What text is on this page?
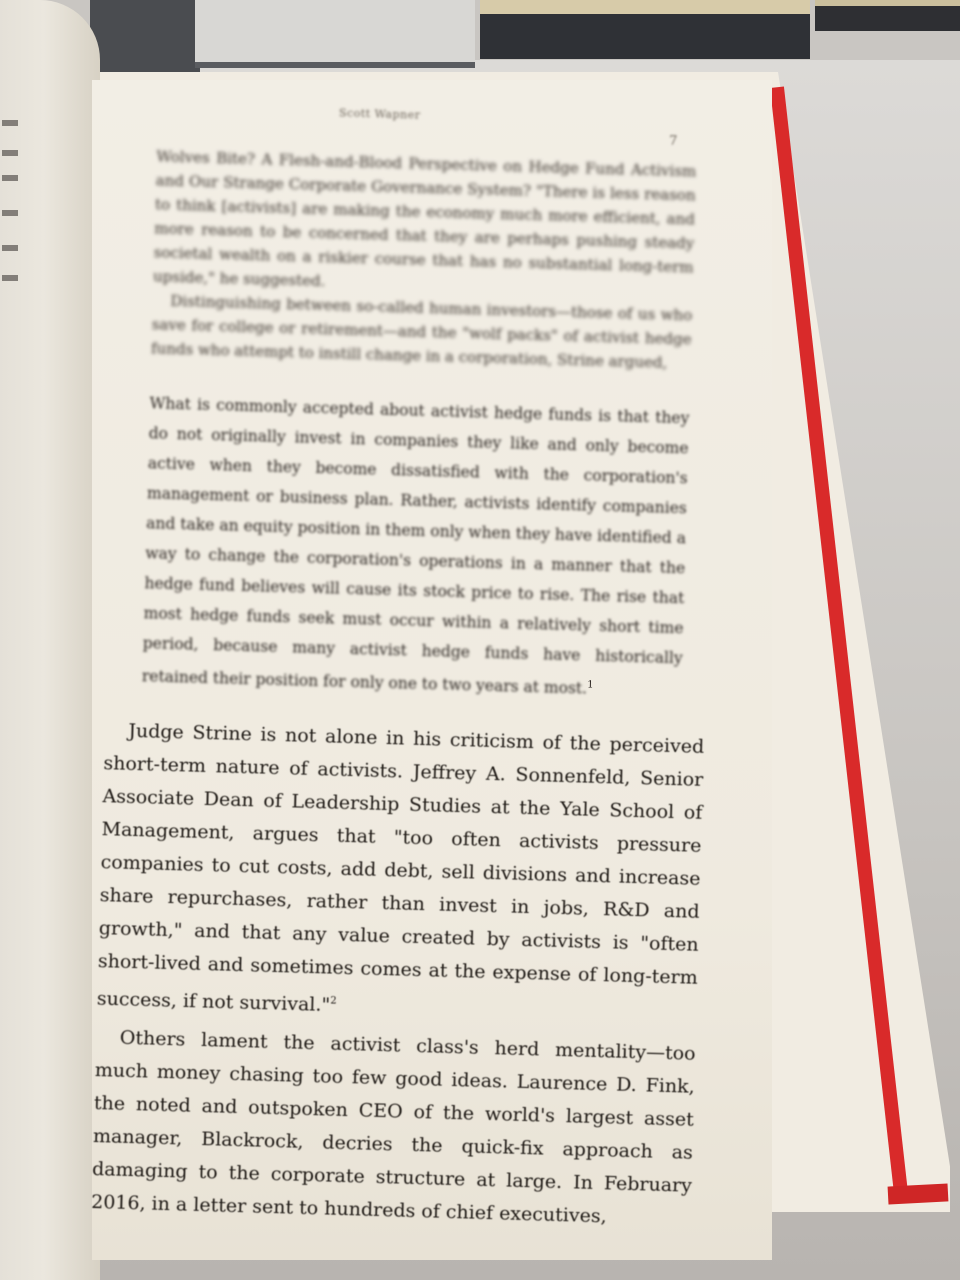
Scott Wapner
7

Wolves Bite? A Flesh-and-Blood Perspective on Hedge Fund Activism and Our Strange Corporate Governance System? "There is less reason to think [activists] are making the economy much more efficient, and more reason to be concerned that they are perhaps pushing steady societal wealth on a riskier course that has no substantial long-term upside," he suggested.

Distinguishing between so-called human investors—those of us who save for college or retirement—and the "wolf packs" of activist hedge funds who attempt to instill change in a corporation, Strine argued,

What is commonly accepted about activist hedge funds is that they do not originally invest in companies they like and only become active when they become dissatisfied with the corporation's management or business plan. Rather, activists identify companies and take an equity position in them only when they have identified a way to change the corporation's operations in a manner that the hedge fund believes will cause its stock price to rise. The rise that most hedge funds seek must occur within a relatively short time period, because many activist hedge funds have historically retained their position for only one to two years at most.$^1$

Judge Strine is not alone in his criticism of the perceived short-term nature of activists. Jeffrey A. Sonnenfeld, Senior Associate Dean of Leadership Studies at the Yale School of Management, argues that "too often activists pressure companies to cut costs, add debt, sell divisions and increase share repurchases, rather than invest in jobs, R&D and growth," and that any value created by activists is "often short-lived and sometimes comes at the expense of long-term success, if not survival."$^2$

Others lament the activist class's herd mentality—too much money chasing too few good ideas. Laurence D. Fink, the noted and outspoken CEO of the world's largest asset manager, Blackrock, decries the quick-fix approach as damaging to the corporate structure at large. In February 2016, in a letter sent to hundreds of chief executives,
